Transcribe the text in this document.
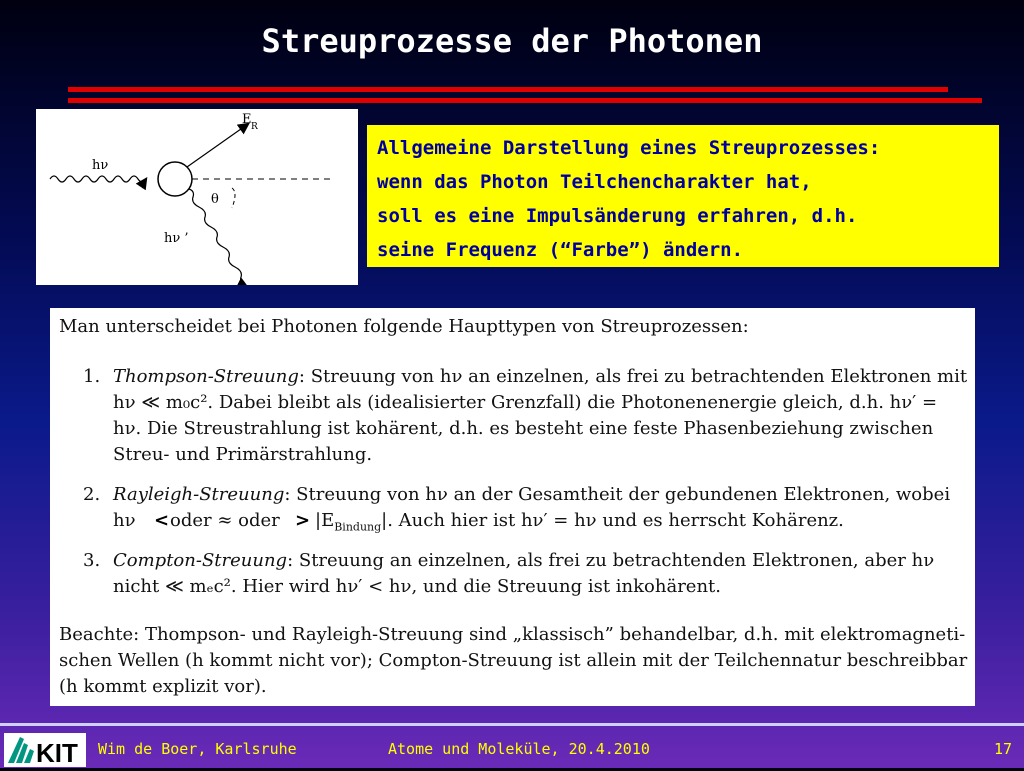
Streuprozesse der Photonen
hν
hν ’
E R
θ
Allgemeine Darstellung eines Streuprozesses:
wenn das Photon Teilchencharakter hat,
soll es eine Impulsänderung erfahren, d.h.
seine Frequenz (“Farbe”) ändern.
Man unterscheidet bei Photonen folgende Haupttypen von Streuprozessen:
1. Thompson-Streuung: Streuung von hν an einzelnen, als frei zu betrachtenden Elektronen mit
hν ≪ m₀c². Dabei bleibt als (idealisierter Grenzfall) die Photonenenergie gleich, d.h. hν′ =
hν. Die Streustrahlung ist kohärent, d.h. es besteht eine feste Phasenbeziehung zwischen
Streu- und Primärstrahlung.
2. Rayleigh-Streuung: Streuung von hν an der Gesamtheit der gebundenen Elektronen, wobei
hν < oder ≈ oder > $|E_{Bindung}|$. Auch hier ist hν′ = hν und es herrscht Kohärenz.
3. Compton-Streuung: Streuung an einzelnen, als frei zu betrachtenden Elektronen, aber hν
nicht ≪ mₑc². Hier wird hν′ < hν, und die Streuung ist inkohärent.
Beachte: Thompson- und Rayleigh-Streuung sind „klassisch” behandelbar, d.h. mit elektromagneti-
schen Wellen (h kommt nicht vor); Compton-Streuung ist allein mit der Teilchennatur beschreibbar
(h kommt explizit vor).
KIT Wim de Boer, Karlsruhe	Atome und Moleküle, 20.4.2010	17
